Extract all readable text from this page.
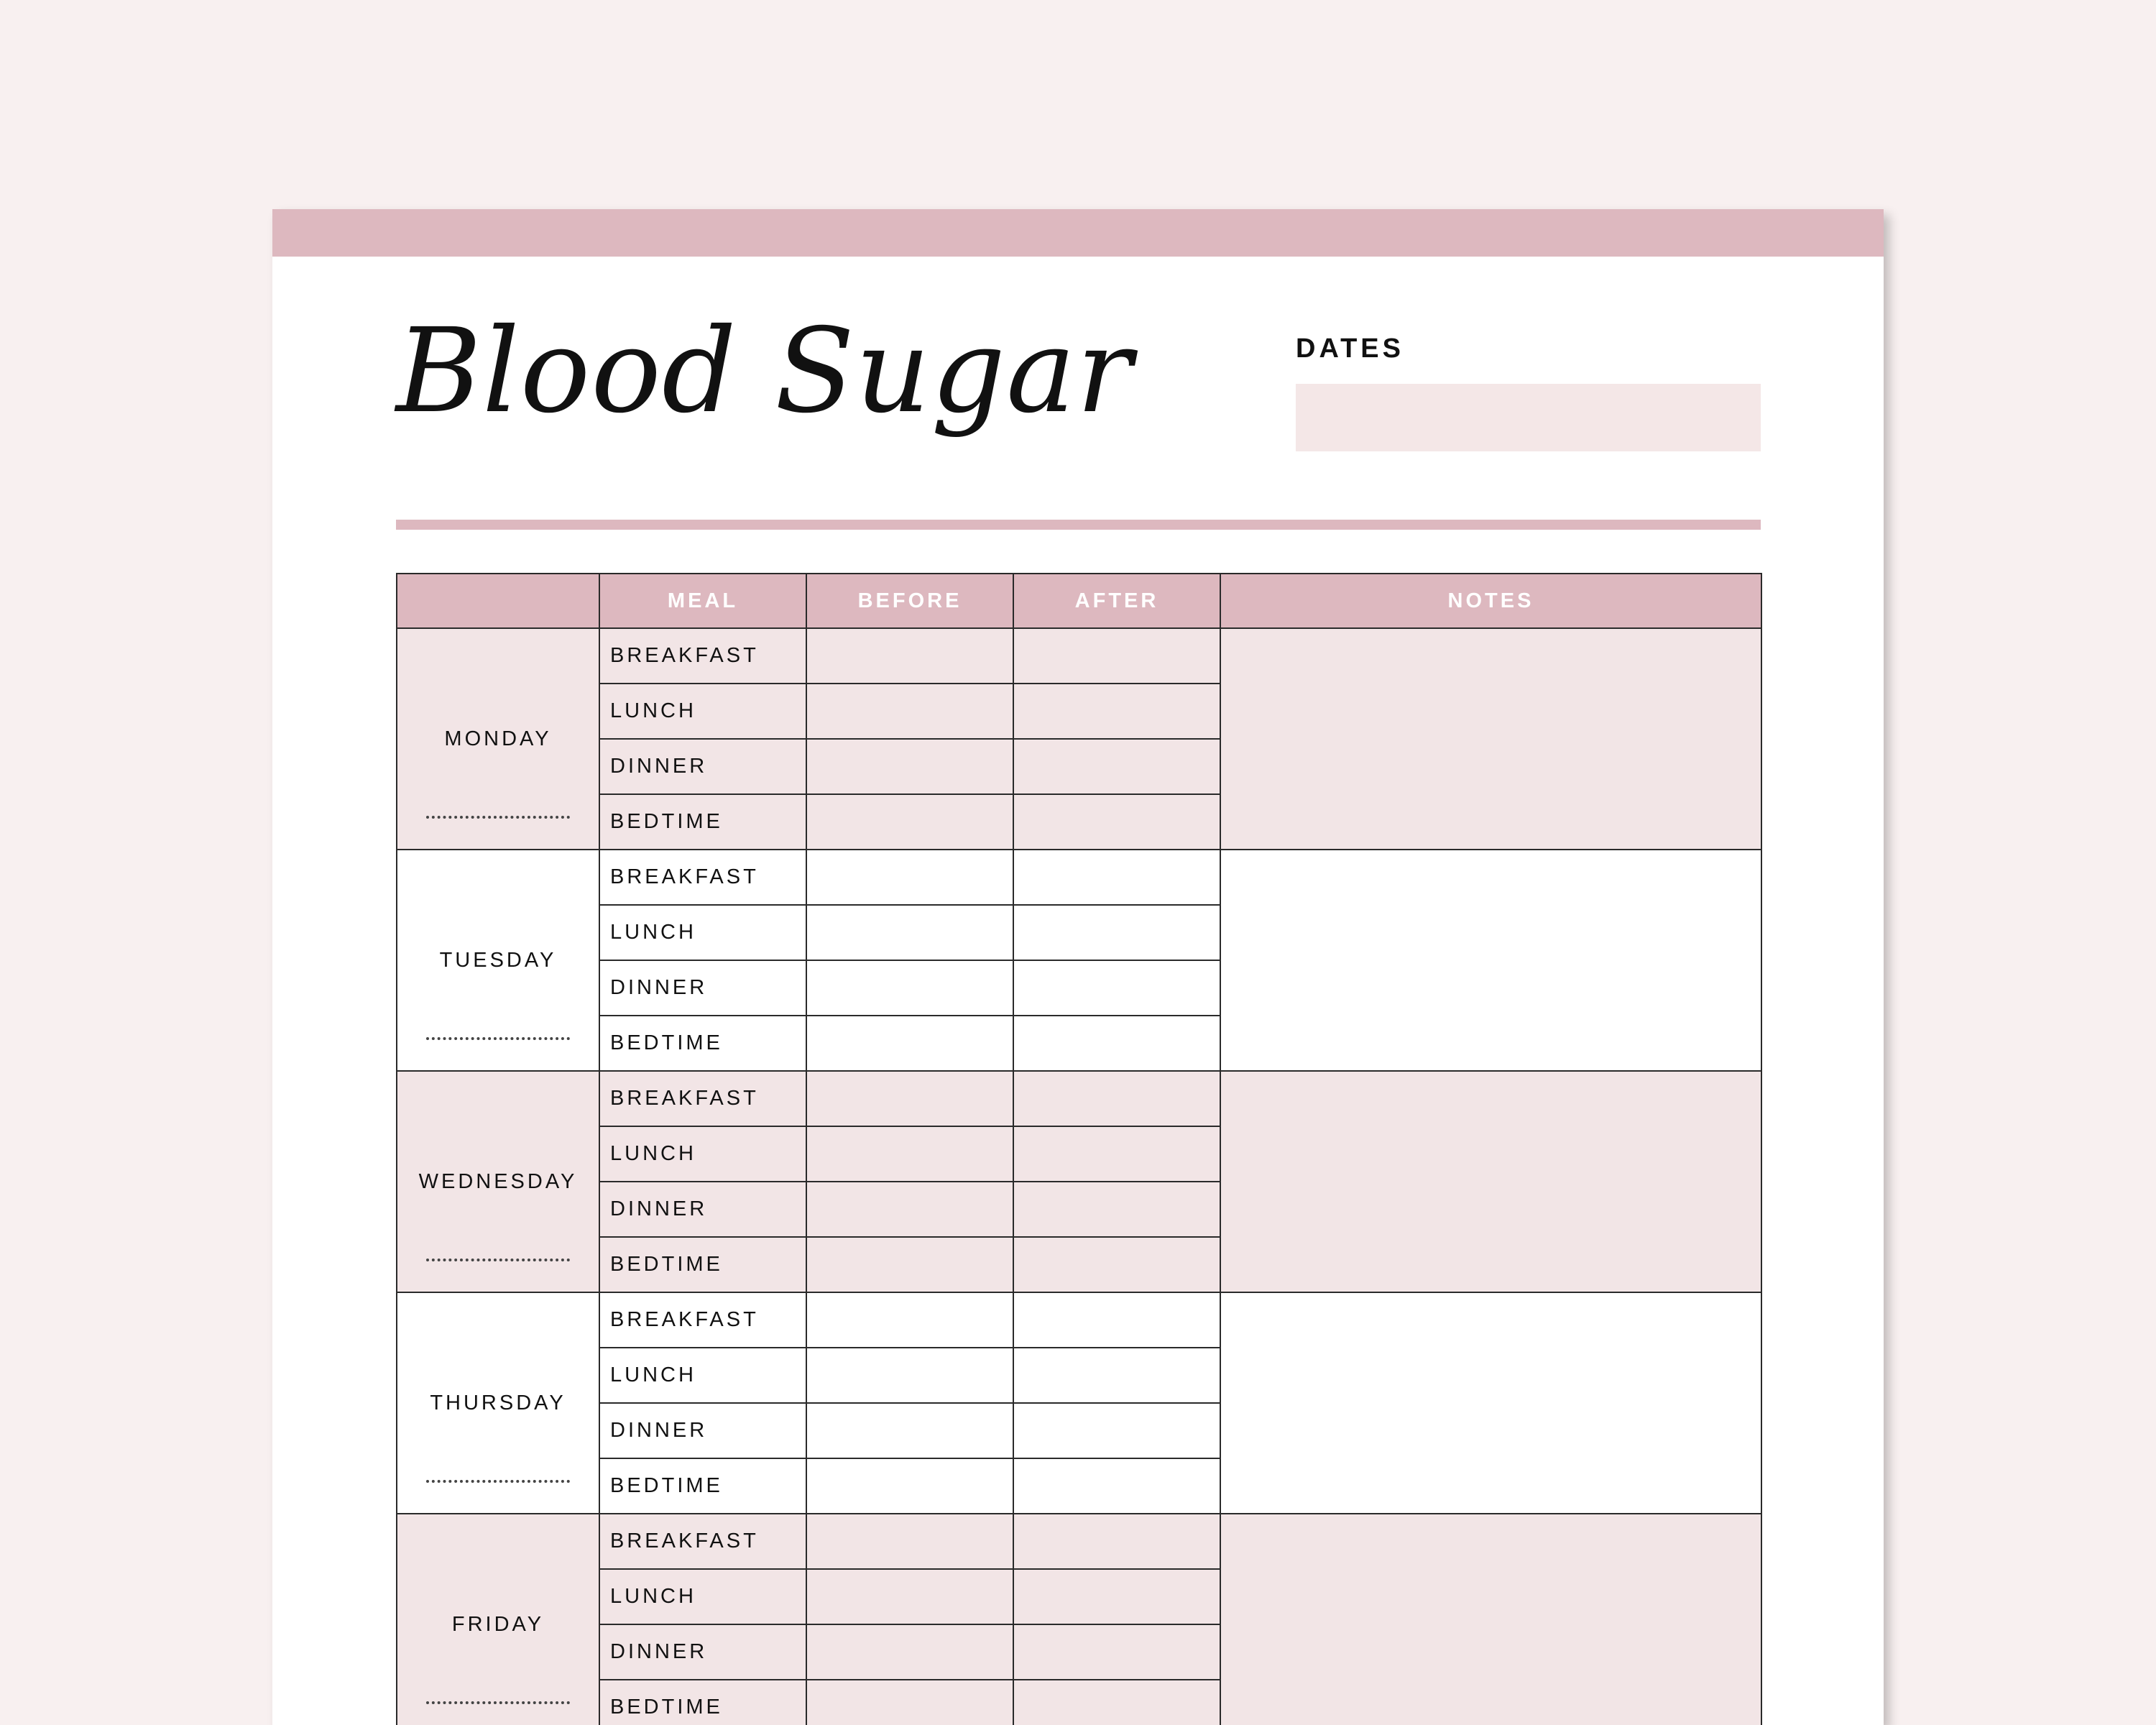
Blood Sugar	DATES
	MEAL	BEFORE	AFTER	NOTES
MONDAY	BREAKFAST			
	LUNCH			
	DINNER			
	BEDTIME			
TUESDAY	BREAKFAST			
	LUNCH			
	DINNER			
	BEDTIME			
WEDNESDAY	BREAKFAST			
	LUNCH			
	DINNER			
	BEDTIME			
THURSDAY	BREAKFAST			
	LUNCH			
	DINNER			
	BEDTIME			
FRIDAY	BREAKFAST			
	LUNCH			
	DINNER			
	BEDTIME			
